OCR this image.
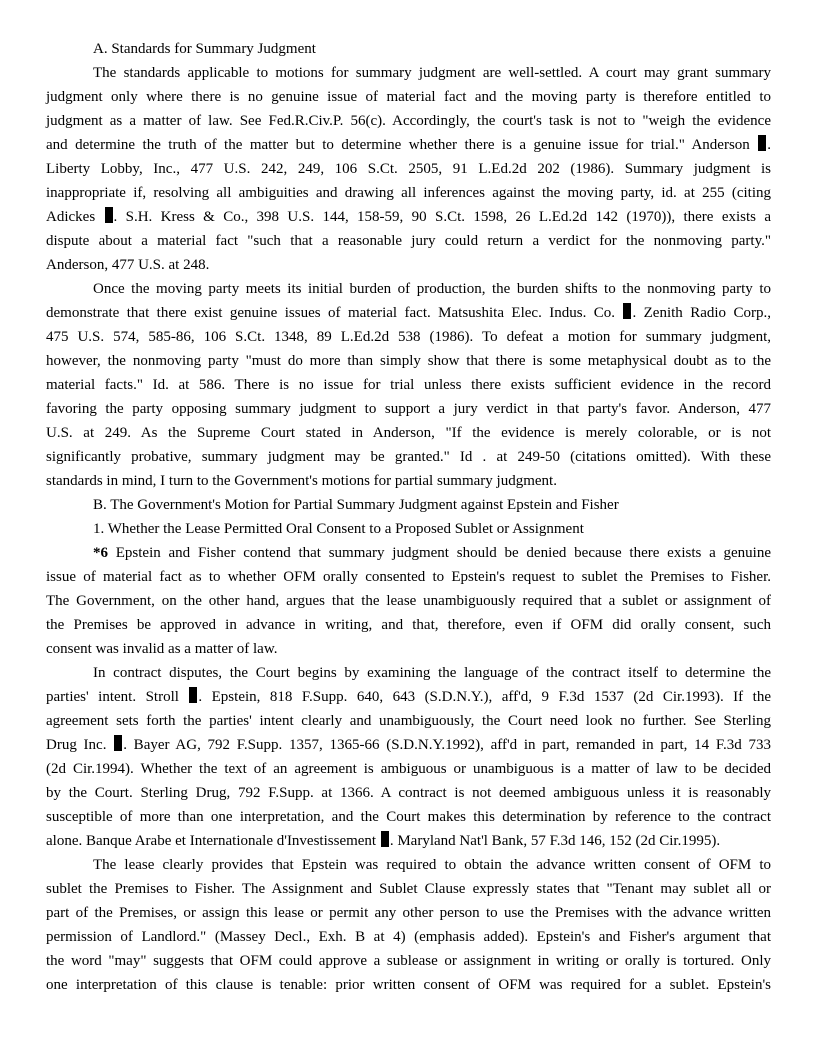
A. Standards for Summary Judgment
The standards applicable to motions for summary judgment are well-settled. A court may grant summary
judgment only where there is no genuine issue of material fact and the moving party is therefore entitled to
judgment as a matter of law. See Fed.R.Civ.P. 56(c). Accordingly, the court's task is not to "weigh the evidence
and determine the truth of the matter but to determine whether there is a genuine issue for trial." Anderson .
Liberty Lobby, Inc., 477 U.S. 242, 249, 106 S.Ct. 2505, 91 L.Ed.2d 202 (1986). Summary judgment is
inappropriate if, resolving all ambiguities and drawing all inferences against the moving party, id. at 255 (citing
Adickes . S.H. Kress & Co., 398 U.S. 144, 158-59, 90 S.Ct. 1598, 26 L.Ed.2d 142 (1970)), there exists a
dispute about a material fact "such that a reasonable jury could return a verdict for the nonmoving party."
Anderson, 477 U.S. at 248.
Once the moving party meets its initial burden of production, the burden shifts to the nonmoving party to
demonstrate that there exist genuine issues of material fact. Matsushita Elec. Indus. Co. . Zenith Radio Corp.,
475 U.S. 574, 585-86, 106 S.Ct. 1348, 89 L.Ed.2d 538 (1986). To defeat a motion for summary judgment,
however, the nonmoving party "must do more than simply show that there is some metaphysical doubt as to the
material facts." Id. at 586. There is no issue for trial unless there exists sufficient evidence in the record
favoring the party opposing summary judgment to support a jury verdict in that party's favor. Anderson, 477
U.S. at 249. As the Supreme Court stated in Anderson, "If the evidence is merely colorable, or is not
significantly probative, summary judgment may be granted." Id . at 249-50 (citations omitted). With these
standards in mind, I turn to the Government's motions for partial summary judgment.
B. The Government's Motion for Partial Summary Judgment against Epstein and Fisher
1. Whether the Lease Permitted Oral Consent to a Proposed Sublet or Assignment
*6 Epstein and Fisher contend that summary judgment should be denied because there exists a genuine
issue of material fact as to whether OFM orally consented to Epstein's request to sublet the Premises to Fisher.
The Government, on the other hand, argues that the lease unambiguously required that a sublet or assignment of
the Premises be approved in advance in writing, and that, therefore, even if OFM did orally consent, such
consent was invalid as a matter of law.
In contract disputes, the Court begins by examining the language of the contract itself to determine the
parties' intent. Stroll . Epstein, 818 F.Supp. 640, 643 (S.D.N.Y.), aff'd, 9 F.3d 1537 (2d Cir.1993). If the
agreement sets forth the parties' intent clearly and unambiguously, the Court need look no further. See Sterling
Drug Inc. . Bayer AG, 792 F.Supp. 1357, 1365-66 (S.D.N.Y.1992), aff'd in part, remanded in part, 14 F.3d 733
(2d Cir.1994). Whether the text of an agreement is ambiguous or unambiguous is a matter of law to be decided
by the Court. Sterling Drug, 792 F.Supp. at 1366. A contract is not deemed ambiguous unless it is reasonably
susceptible of more than one interpretation, and the Court makes this determination by reference to the contract
alone. Banque Arabe et Internationale d'Investissement . Maryland Nat'l Bank, 57 F.3d 146, 152 (2d Cir.1995).
The lease clearly provides that Epstein was required to obtain the advance written consent of OFM to
sublet the Premises to Fisher. The Assignment and Sublet Clause expressly states that "Tenant may sublet all or
part of the Premises, or assign this lease or permit any other person to use the Premises with the advance written
permission of Landlord." (Massey Decl., Exh. B at 4) (emphasis added). Epstein's and Fisher's argument that
the word "may" suggests that OFM could approve a sublease or assignment in writing or orally is tortured. Only
one interpretation of this clause is tenable: prior written consent of OFM was required for a sublet. Epstein's
